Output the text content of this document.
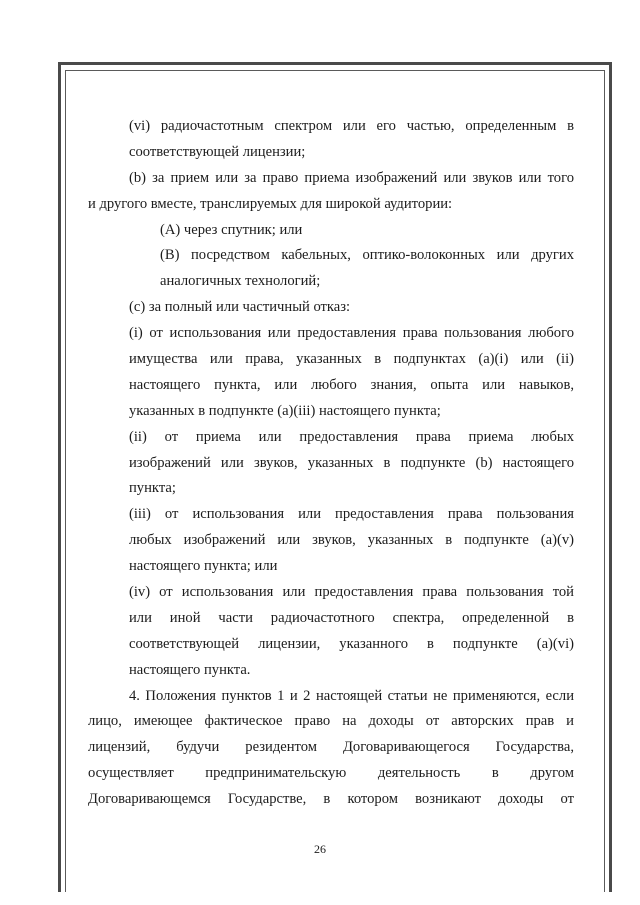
(vi) радиочастотным спектром или его частью, определенным в
соответствующей лицензии;
(b) за прием или за право приема изображений или звуков или того
и другого вместе, транслируемых для широкой аудитории:
(A) через спутник; или
(B) посредством кабельных, оптико-волоконных или других
аналогичных технологий;
(с) за полный или частичный отказ:
(i) от использования или предоставления права пользования любого
имущества или права, указанных в подпунктах (a)(i) или (ii)
настоящего пункта, или любого знания, опыта или навыков,
указанных в подпункте (a)(iii) настоящего пункта;
(ii) от приема или предоставления права приема любых
изображений или звуков, указанных в подпункте (b) настоящего
пункта;
(iii) от использования или предоставления права пользования
любых изображений или звуков, указанных в подпункте (a)(v)
настоящего пункта; или
(iv) от использования или предоставления права пользования той
или иной части радиочастотного спектра, определенной в
соответствующей лицензии, указанного в подпункте (a)(vi)
настоящего пункта.
4. Положения пунктов 1 и 2 настоящей статьи не применяются, если
лицо, имеющее фактическое право на доходы от авторских прав и
лицензий, будучи резидентом Договаривающегося Государства,
осуществляет предпринимательскую деятельность в другом
Договаривающемся Государстве, в котором возникают доходы от
26
